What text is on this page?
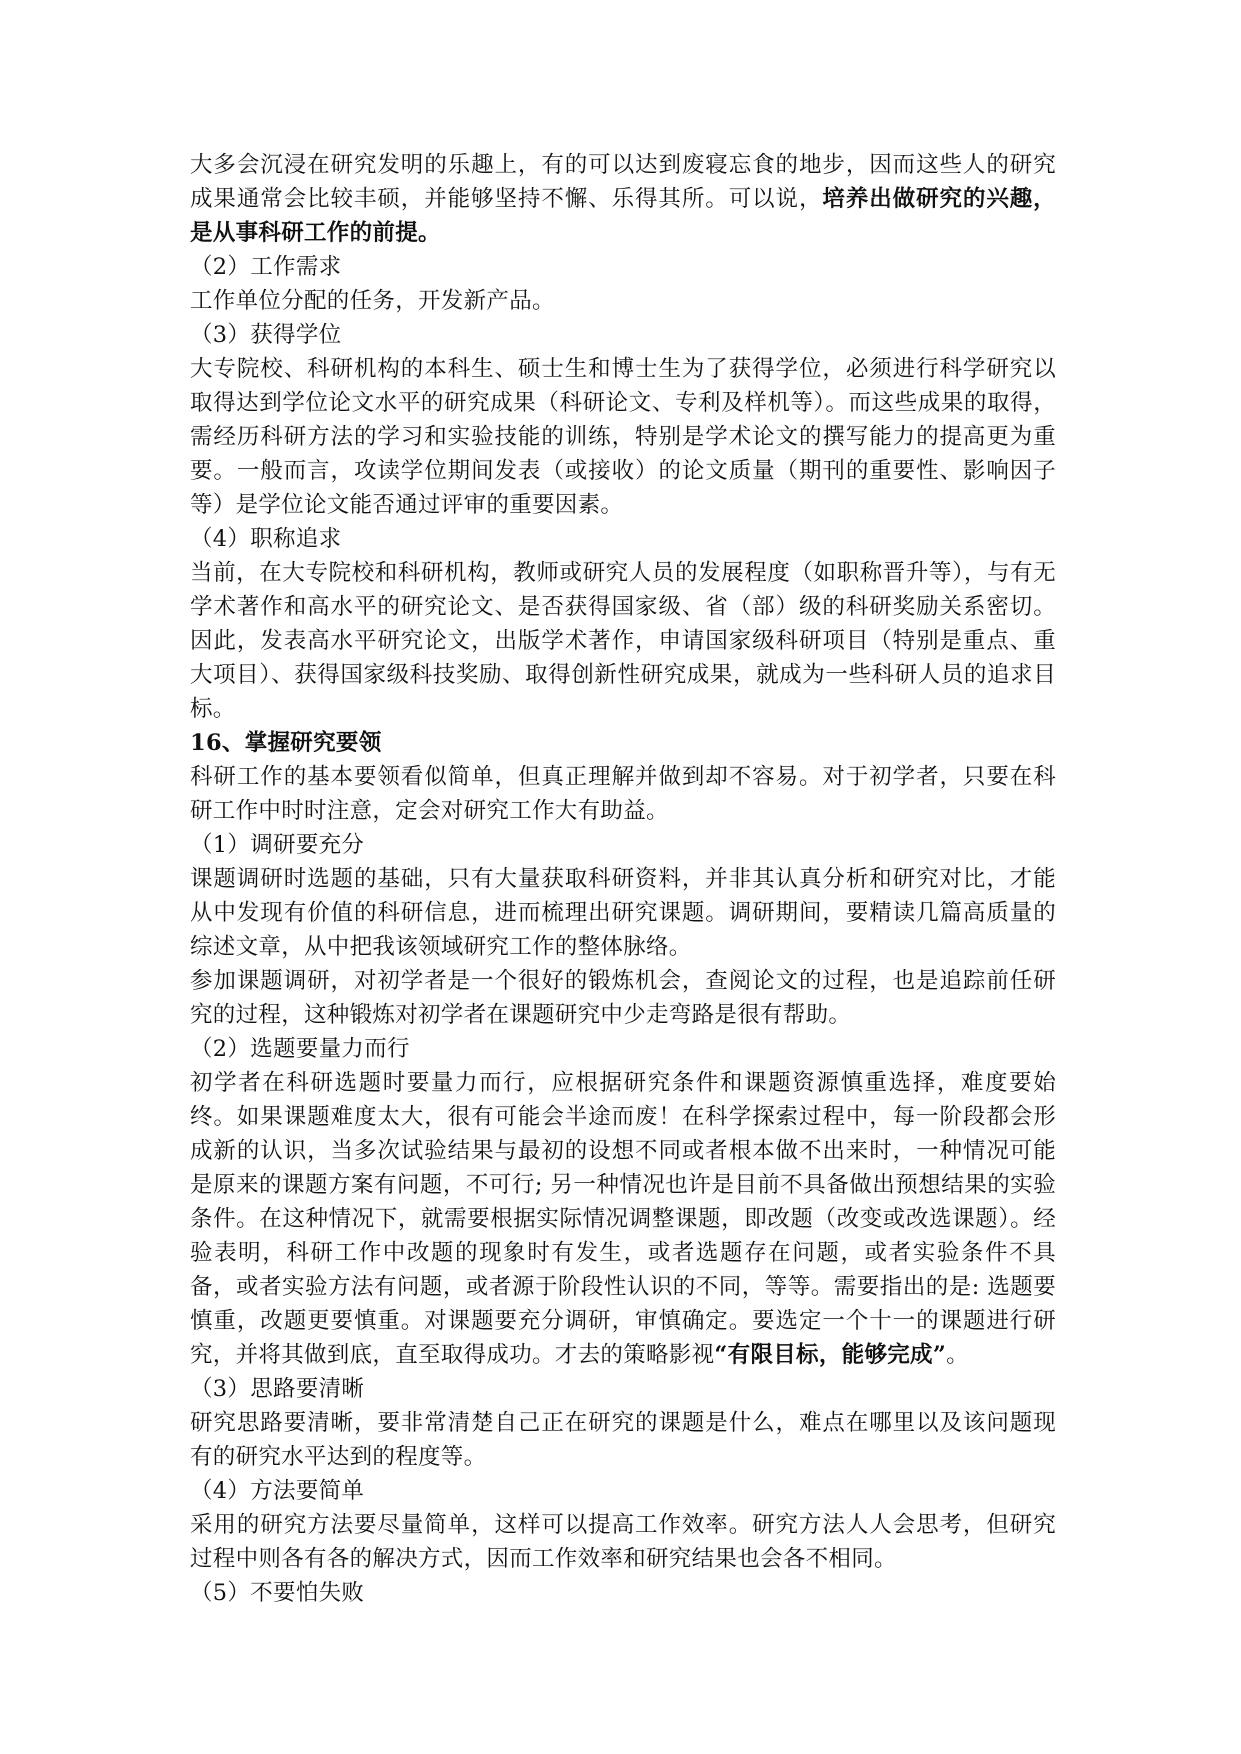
大多会沉浸在研究发明的乐趣上，有的可以达到废寝忘食的地步，因而这些人的研究成果通常会比较丰硕，并能够坚持不懈、乐得其所。可以说，培养出做研究的兴趣，是从事科研工作的前提。

（2）工作需求

工作单位分配的任务，开发新产品。

（3）获得学位

大专院校、科研机构的本科生、硕士生和博士生为了获得学位，必须进行科学研究以取得达到学位论文水平的研究成果（科研论文、专利及样机等）。而这些成果的取得，需经历科研方法的学习和实验技能的训练，特别是学术论文的撰写能力的提高更为重要。一般而言，攻读学位期间发表（或接收）的论文质量（期刊的重要性、影响因子等）是学位论文能否通过评审的重要因素。

（4）职称追求

当前，在大专院校和科研机构，教师或研究人员的发展程度（如职称晋升等），与有无学术著作和高水平的研究论文、是否获得国家级、省（部）级的科研奖励关系密切。因此，发表高水平研究论文，出版学术著作，申请国家级科研项目（特别是重点、重大项目）、获得国家级科技奖励、取得创新性研究成果，就成为一些科研人员的追求目标。

16、掌握研究要领

科研工作的基本要领看似简单，但真正理解并做到却不容易。对于初学者，只要在科研工作中时时注意，定会对研究工作大有助益。

（1）调研要充分

课题调研时选题的基础，只有大量获取科研资料，并非其认真分析和研究对比，才能从中发现有价值的科研信息，进而梳理出研究课题。调研期间，要精读几篇高质量的综述文章，从中把我该领域研究工作的整体脉络。

参加课题调研，对初学者是一个很好的锻炼机会，查阅论文的过程，也是追踪前任研究的过程，这种锻炼对初学者在课题研究中少走弯路是很有帮助。

（2）选题要量力而行

初学者在科研选题时要量力而行，应根据研究条件和课题资源慎重选择，难度要始终。如果课题难度太大，很有可能会半途而废！在科学探索过程中，每一阶段都会形成新的认识，当多次试验结果与最初的设想不同或者根本做不出来时，一种情况可能是原来的课题方案有问题，不可行; 另一种情况也许是目前不具备做出预想结果的实验条件。在这种情况下，就需要根据实际情况调整课题，即改题（改变或改选课题）。经验表明，科研工作中改题的现象时有发生，或者选题存在问题，或者实验条件不具备，或者实验方法有问题，或者源于阶段性认识的不同，等等。需要指出的是: 选题要慎重，改题更要慎重。对课题要充分调研，审慎确定。要选定一个十一的课题进行研究，并将其做到底，直至取得成功。才去的策略影视“有限目标，能够完成”。

（3）思路要清晰

研究思路要清晰，要非常清楚自己正在研究的课题是什么，难点在哪里以及该问题现有的研究水平达到的程度等。

（4）方法要简单

采用的研究方法要尽量简单，这样可以提高工作效率。研究方法人人会思考，但研究过程中则各有各的解决方式，因而工作效率和研究结果也会各不相同。

（5）不要怕失败
